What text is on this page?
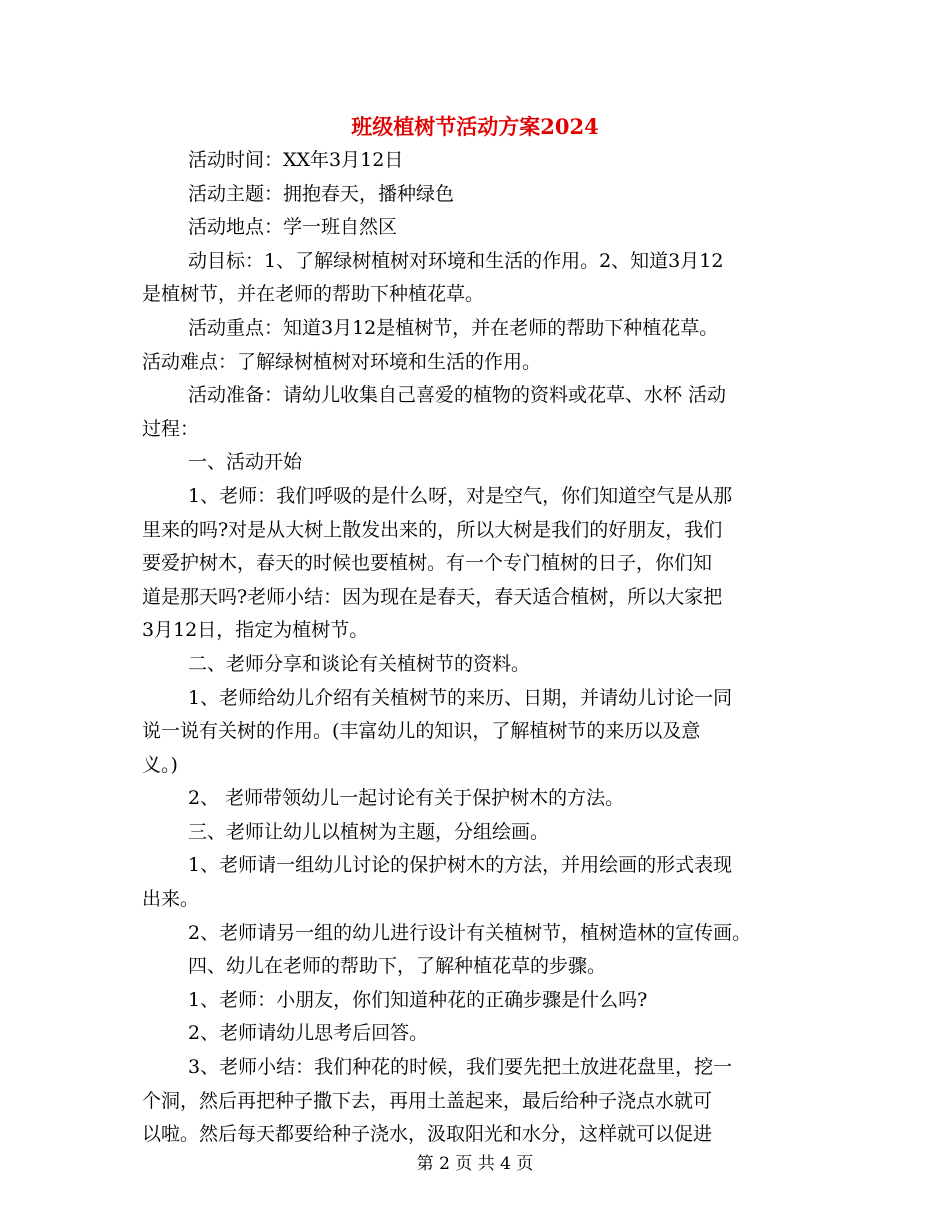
班级植树节活动方案2024
活动时间：XX年3月12日
活动主题：拥抱春天，播种绿色
活动地点：学一班自然区
动目标：1、了解绿树植树对环境和生活的作用。2、知道3月12
是植树节，并在老师的帮助下种植花草。
活动重点：知道3月12是植树节，并在老师的帮助下种植花草。
活动难点：了解绿树植树对环境和生活的作用。
活动准备：请幼儿收集自己喜爱的植物的资料或花草、水杯 活动
过程：
一、活动开始
1、老师：我们呼吸的是什么呀，对是空气，你们知道空气是从那
里来的吗?对是从大树上散发出来的，所以大树是我们的好朋友，我们
要爱护树木，春天的时候也要植树。有一个专门植树的日子，你们知
道是那天吗?老师小结：因为现在是春天，春天适合植树，所以大家把
3月12日，指定为植树节。
二、老师分享和谈论有关植树节的资料。
1、老师给幼儿介绍有关植树节的来历、日期，并请幼儿讨论一同
说一说有关树的作用。(丰富幼儿的知识，了解植树节的来历以及意
义。)
2、 老师带领幼儿一起讨论有关于保护树木的方法。
三、老师让幼儿以植树为主题，分组绘画。
1、老师请一组幼儿讨论的保护树木的方法，并用绘画的形式表现
出来。
2、老师请另一组的幼儿进行设计有关植树节，植树造林的宣传画。
四、幼儿在老师的帮助下，了解种植花草的步骤。
1、老师：小朋友，你们知道种花的正确步骤是什么吗?
2、老师请幼儿思考后回答。
3、老师小结：我们种花的时候，我们要先把土放进花盘里，挖一
个洞，然后再把种子撒下去，再用土盖起来，最后给种子浇点水就可
以啦。然后每天都要给种子浇水，汲取阳光和水分，这样就可以促进
第 2 页 共 4 页
